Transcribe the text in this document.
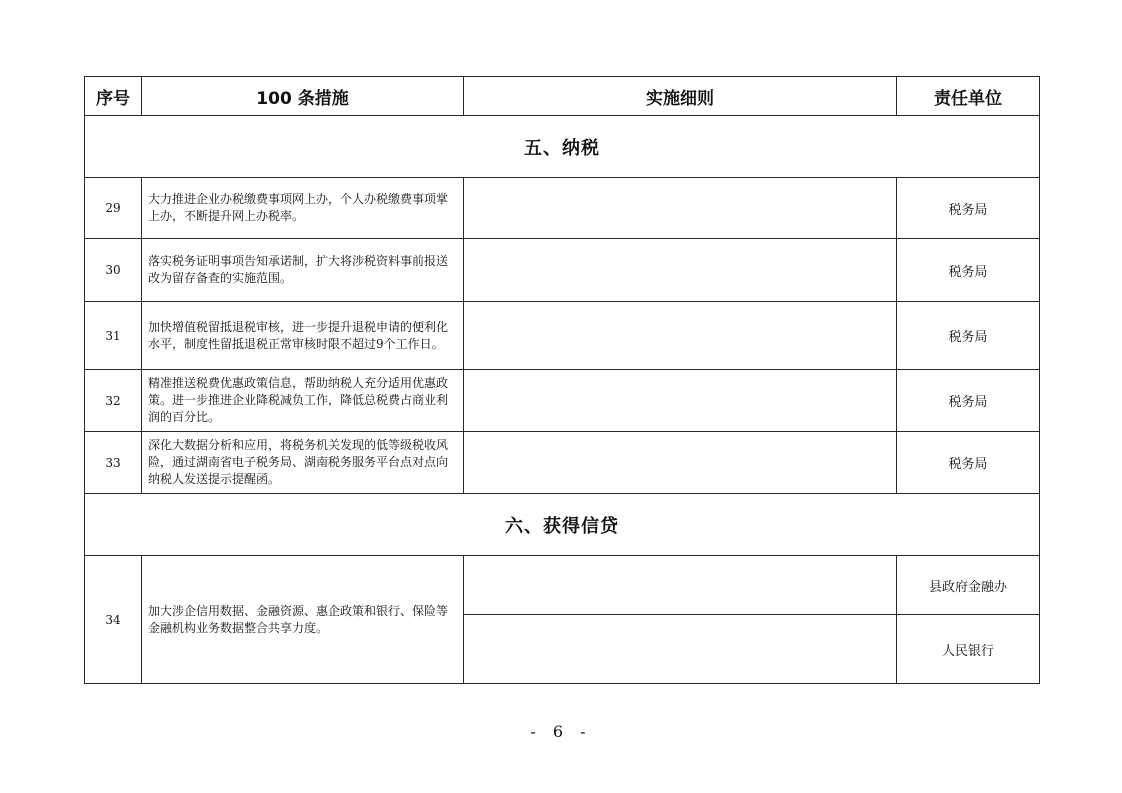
序号	100 条措施	实施细则	责任单位
五、纳税			
29	大力推进企业办税缴费事项网上办，个人办税缴费事项掌上办，不断提升网上办税率。		税务局
30	落实税务证明事项告知承诺制，扩大将涉税资料事前报送改为留存备查的实施范围。		税务局
31	加快增值税留抵退税审核，进一步提升退税申请的便利化水平，制度性留抵退税正常审核时限不超过9个工作日。		税务局
32	精准推送税费优惠政策信息，帮助纳税人充分适用优惠政策。进一步推进企业降税减负工作，降低总税费占商业利润的百分比。		税务局
33	深化大数据分析和应用，将税务机关发现的低等级税收风险，通过湖南省电子税务局、湖南税务服务平台点对点向纳税人发送提示提醒函。		税务局
六、获得信贷			
34	加大涉企信用数据、金融资源、惠企政策和银行、保险等金融机构业务数据整合共享力度。		县政府金融办
			人民银行
- 6 -
